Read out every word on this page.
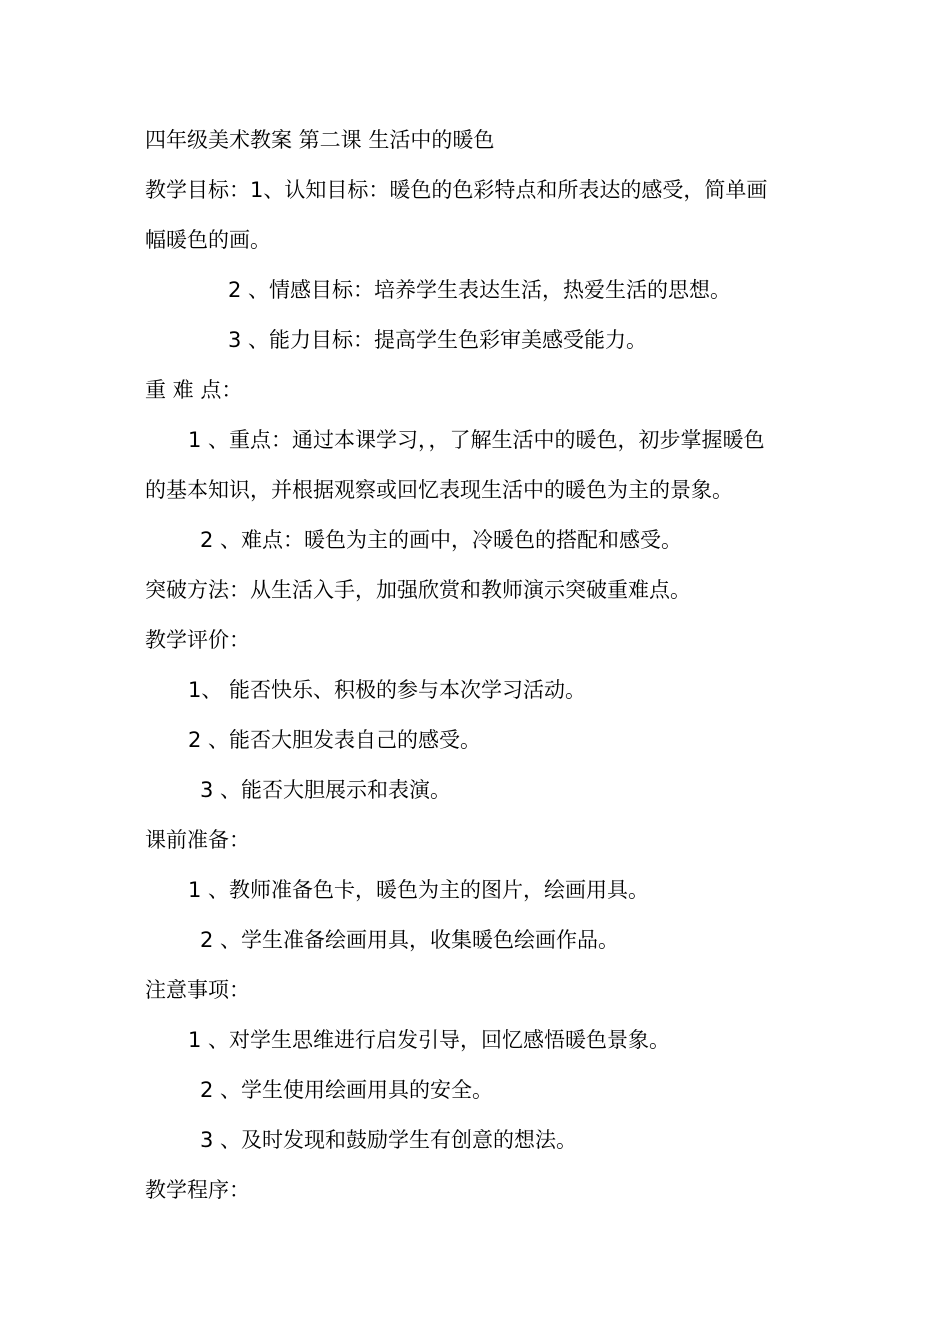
四年级美术教案 第二课 生活中的暖色
教学目标：1、认知目标：暖色的色彩特点和所表达的感受，简单画
幅暖色的画。
2 、情感目标：培养学生表达生活，热爱生活的思想。
3 、能力目标：提高学生色彩审美感受能力。
重 难 点：
1 、重点：通过本课学习，，了解生活中的暖色，初步掌握暖色
的基本知识，并根据观察或回忆表现生活中的暖色为主的景象。
2 、难点：暖色为主的画中，冷暖色的搭配和感受。
突破方法：从生活入手，加强欣赏和教师演示突破重难点。
教学评价：
1、 能否快乐、积极的参与本次学习活动。
2 、能否大胆发表自己的感受。
3 、能否大胆展示和表演。
课前准备：
1 、教师准备色卡，暖色为主的图片，绘画用具。
2 、学生准备绘画用具，收集暖色绘画作品。
注意事项：
1 、对学生思维进行启发引导，回忆感悟暖色景象。
2 、学生使用绘画用具的安全。
3 、及时发现和鼓励学生有创意的想法。
教学程序：
